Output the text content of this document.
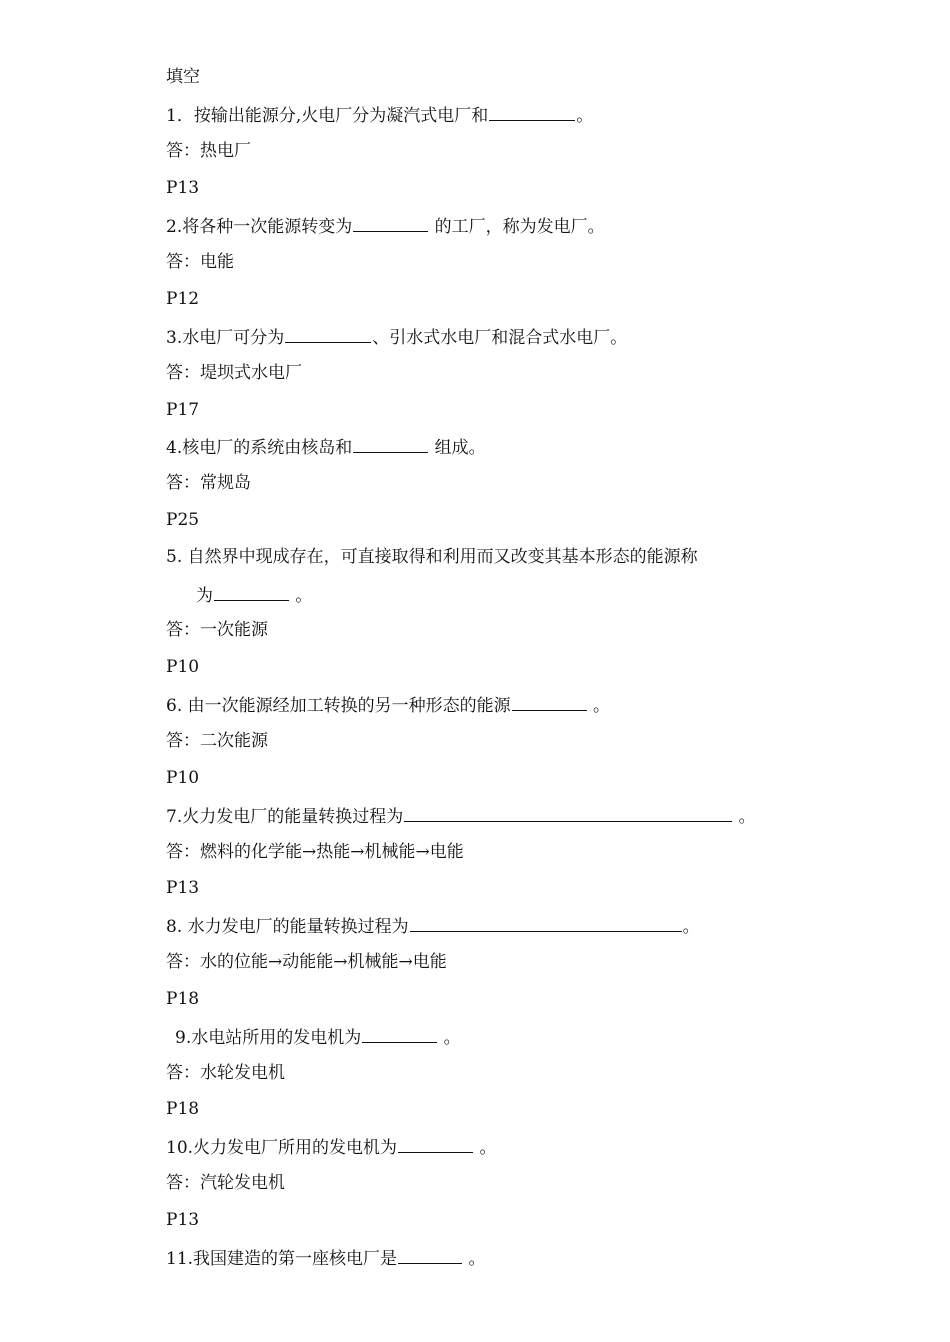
填空
1．按输出能源分,火电厂分为凝汽式电厂和	。
答：热电厂
P13
2.将各种一次能源转变为	的工厂，称为发电厂。
答：电能
P12
3.水电厂可分为	、引水式水电厂和混合式水电厂。
答：堤坝式水电厂
P17
4.核电厂的系统由核岛和	组成。
答：常规岛
P25
5. 自然界中现成存在，可直接取得和利用而又改变其基本形态的能源称
为	。
答：一次能源
P10
6. 由一次能源经加工转换的另一种形态的能源	。
答：二次能源
P10
7.火力发电厂的能量转换过程为	。
答：燃料的化学能→热能→机械能→电能
P13
8. 水力发电厂的能量转换过程为	。
答：水的位能→动能能→机械能→电能
P18
9.水电站所用的发电机为	。
答：水轮发电机
P18
10.火力发电厂所用的发电机为	。
答：汽轮发电机
P13
11.我国建造的第一座核电厂是	。
